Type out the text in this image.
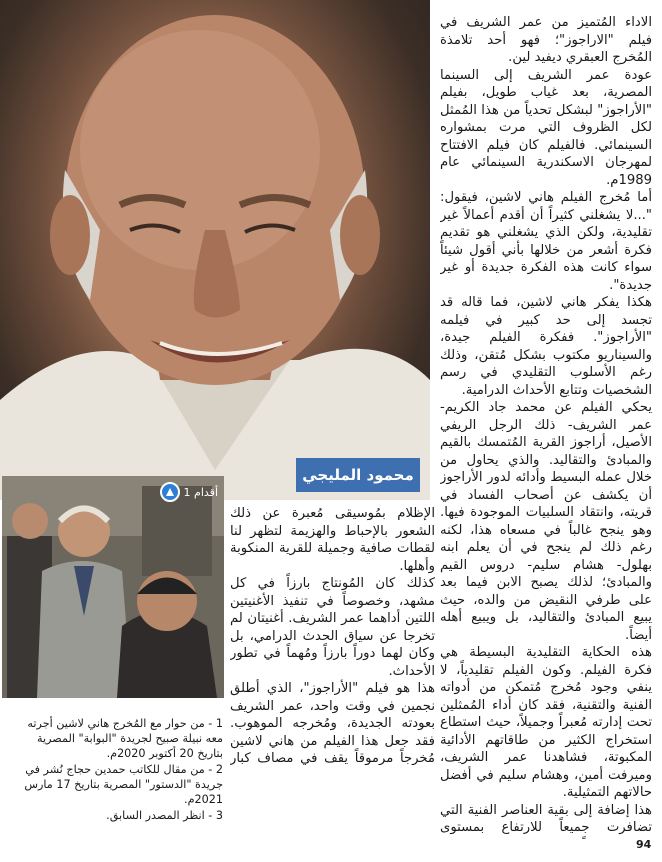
محمود المليجي
أقدام 1

الاداء المُتميز من عمر الشريف في فيلم "الاراجوز"؛ فهو أحد تلامذة المُخرج العبقري ديفيد لين.

عودة عمر الشريف إلى السينما المصرية، بعد غياب طويل، بفيلم "الأراجوز" لبشكل تحدياً من هذا المُمثل لكل الظروف التي مرت بمشواره السينمائي. فالفيلم كان فيلم الافتتاح لمهرجان الاسكندرية السينمائي عام 1989م.

أما مُخرج الفيلم هاني لاشين، فيقول: "...لا يشغلني كثيراً أن أقدم أعمالاً غير تقليدية، ولكن الذي يشغلني هو تقديم فكرة أشعر من خلالها بأني أقول شيئاً سواء كانت هذه الفكرة جديدة أو غير جديدة".

هكذا يفكر هاني لاشين، فما قاله قد تجسد إلى حد كبير في فيلمه "الأراجوز". ففكرة الفيلم جيدة، والسيناريو مكتوب بشكل مُتقن، وذلك رغم الأسلوب التقليدي في رسم الشخصيات وتتابع الأحداث الدرامية.

يحكي الفيلم عن محمد جاد الكريم- عمر الشريف- ذلك الرجل الريفي الأصيل، أراجوز القرية المُتمسك بالقيم والمبادئ والتقاليد. والذي يحاول من خلال عمله البسيط وأدائه لدور الأراجوز أن يكشف عن أصحاب الفساد في قريته، وانتقاد السلبيات الموجودة فيها. وهو ينجح غالباً في مسعاه هذا، لكنه رغم ذلك لم ينجح في أن يعلم ابنه بهلول- هشام سليم- دروس القيم والمبادئ؛ لذلك يصبح الابن فيما بعد على طرفي النقيض من والده، حيث يبيع المبادئ والتقاليد، بل ويبيع أهله أيضاً.

هذه الحكاية التقليدية البسيطة هي فكرة الفيلم. وكون الفيلم تقليدياً، لا ينفي وجود مُخرج مُتمكن من أدواته الفنية والتقنية، فقد كان أداء المُمثلين تحت إدارته مُعبراً وجميلاً، حيث استطاع استخراج الكثير من طاقاتهم الأدائية المكبوتة، فشاهدنا عمر الشريف، وميرفت أمين، وهشام سليم في أفضل حالاتهم التمثيلية.

هذا إضافة إلى بقية العناصر الفنية التي تضافرت جميعاً للارتفاع بمستوى

الإظلام بمُوسيقى مُعبرة عن ذلك الشعور بالإحباط والهزيمة لتظهر لنا لقطات صافية وجميلة للقرية المنكوبة وأهلها.

كذلك كان المُونتاج بارزاً في كل مشهد، وخصوصاً في تنفيذ الأغنيتين اللتين أداهما عمر الشريف. أغنيتان لم تخرجا عن سياق الحدث الدرامي، بل وكان لهما دوراً بارزاً ومُهماً في تطور الأحداث.

هذا هو فيلم "الأراجوز"، الذي أطلق نجمين في وقت واحد، عمر الشريف بعودته الجديدة، ومُخرجه الموهوب. فقد جعل هذا الفيلم من هاني لاشين مُخرجاً مرموقاً يقف في مصاف كبار

1 - من حوار مع المُخرج هاني لاشين أجرته معه نبيلة صبيح لجريدة "البوابة" المصرية بتاريخ 20 أكتوبر 2020م.

2 - من مقال للكاتب حمدين حجاج نُشر في جريدة "الدستور" المصرية بتاريخ 17 مارس 2021م.

3 - انظر المصدر السابق.

94
